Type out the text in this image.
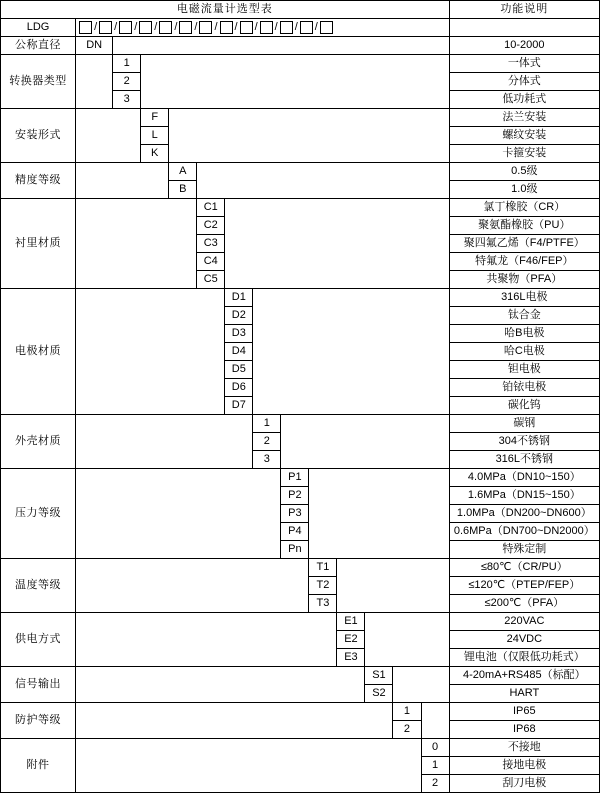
电磁流量计选型表														功能说明
LDG	/ / / / / / / / / / / /

公称直径	DN													10-2000
转换器类型		1												一体式
		2												分体式
		3												低功耗式
安装形式			F											法兰安装
			L											螺纹安装
			K											卡箍安装
精度等级				A										0.5级
				B										1.0级
衬里材质					C1									氯丁橡胶（CR）
					C2									聚氨酯橡胶（PU）
					C3									聚四氟乙烯（F4/PTFE）
					C4									特氟龙（F46/FEP）
					C5									共聚物（PFA）
电极材质						D1								316L电极
						D2								钛合金
						D3								哈B电极
						D4								哈C电极
						D5								钽电极
						D6								铂铱电极
						D7								碳化钨
外壳材质							1							碳钢
							2							304不锈钢
							3							316L不锈钢
压力等级								P1						4.0MPa（DN10~150）
								P2						1.6MPa（DN15~150）
								P3						1.0MPa（DN200~DN600）
								P4						0.6MPa（DN700~DN2000）
								Pn						特殊定制
温度等级									T1					≤80℃（CR/PU）
									T2					≤120℃（PTEP/FEP）
									T3					≤200℃（PFA）
供电方式										E1				220VAC
										E2				24VDC
										E3				锂电池（仅限低功耗式）
信号输出											S1			4-20mA+RS485（标配）
											S2			HART
防护等级												1		IP65
												2		IP68
附件													0	不接地
													1	接地电极
													2	刮刀电极
